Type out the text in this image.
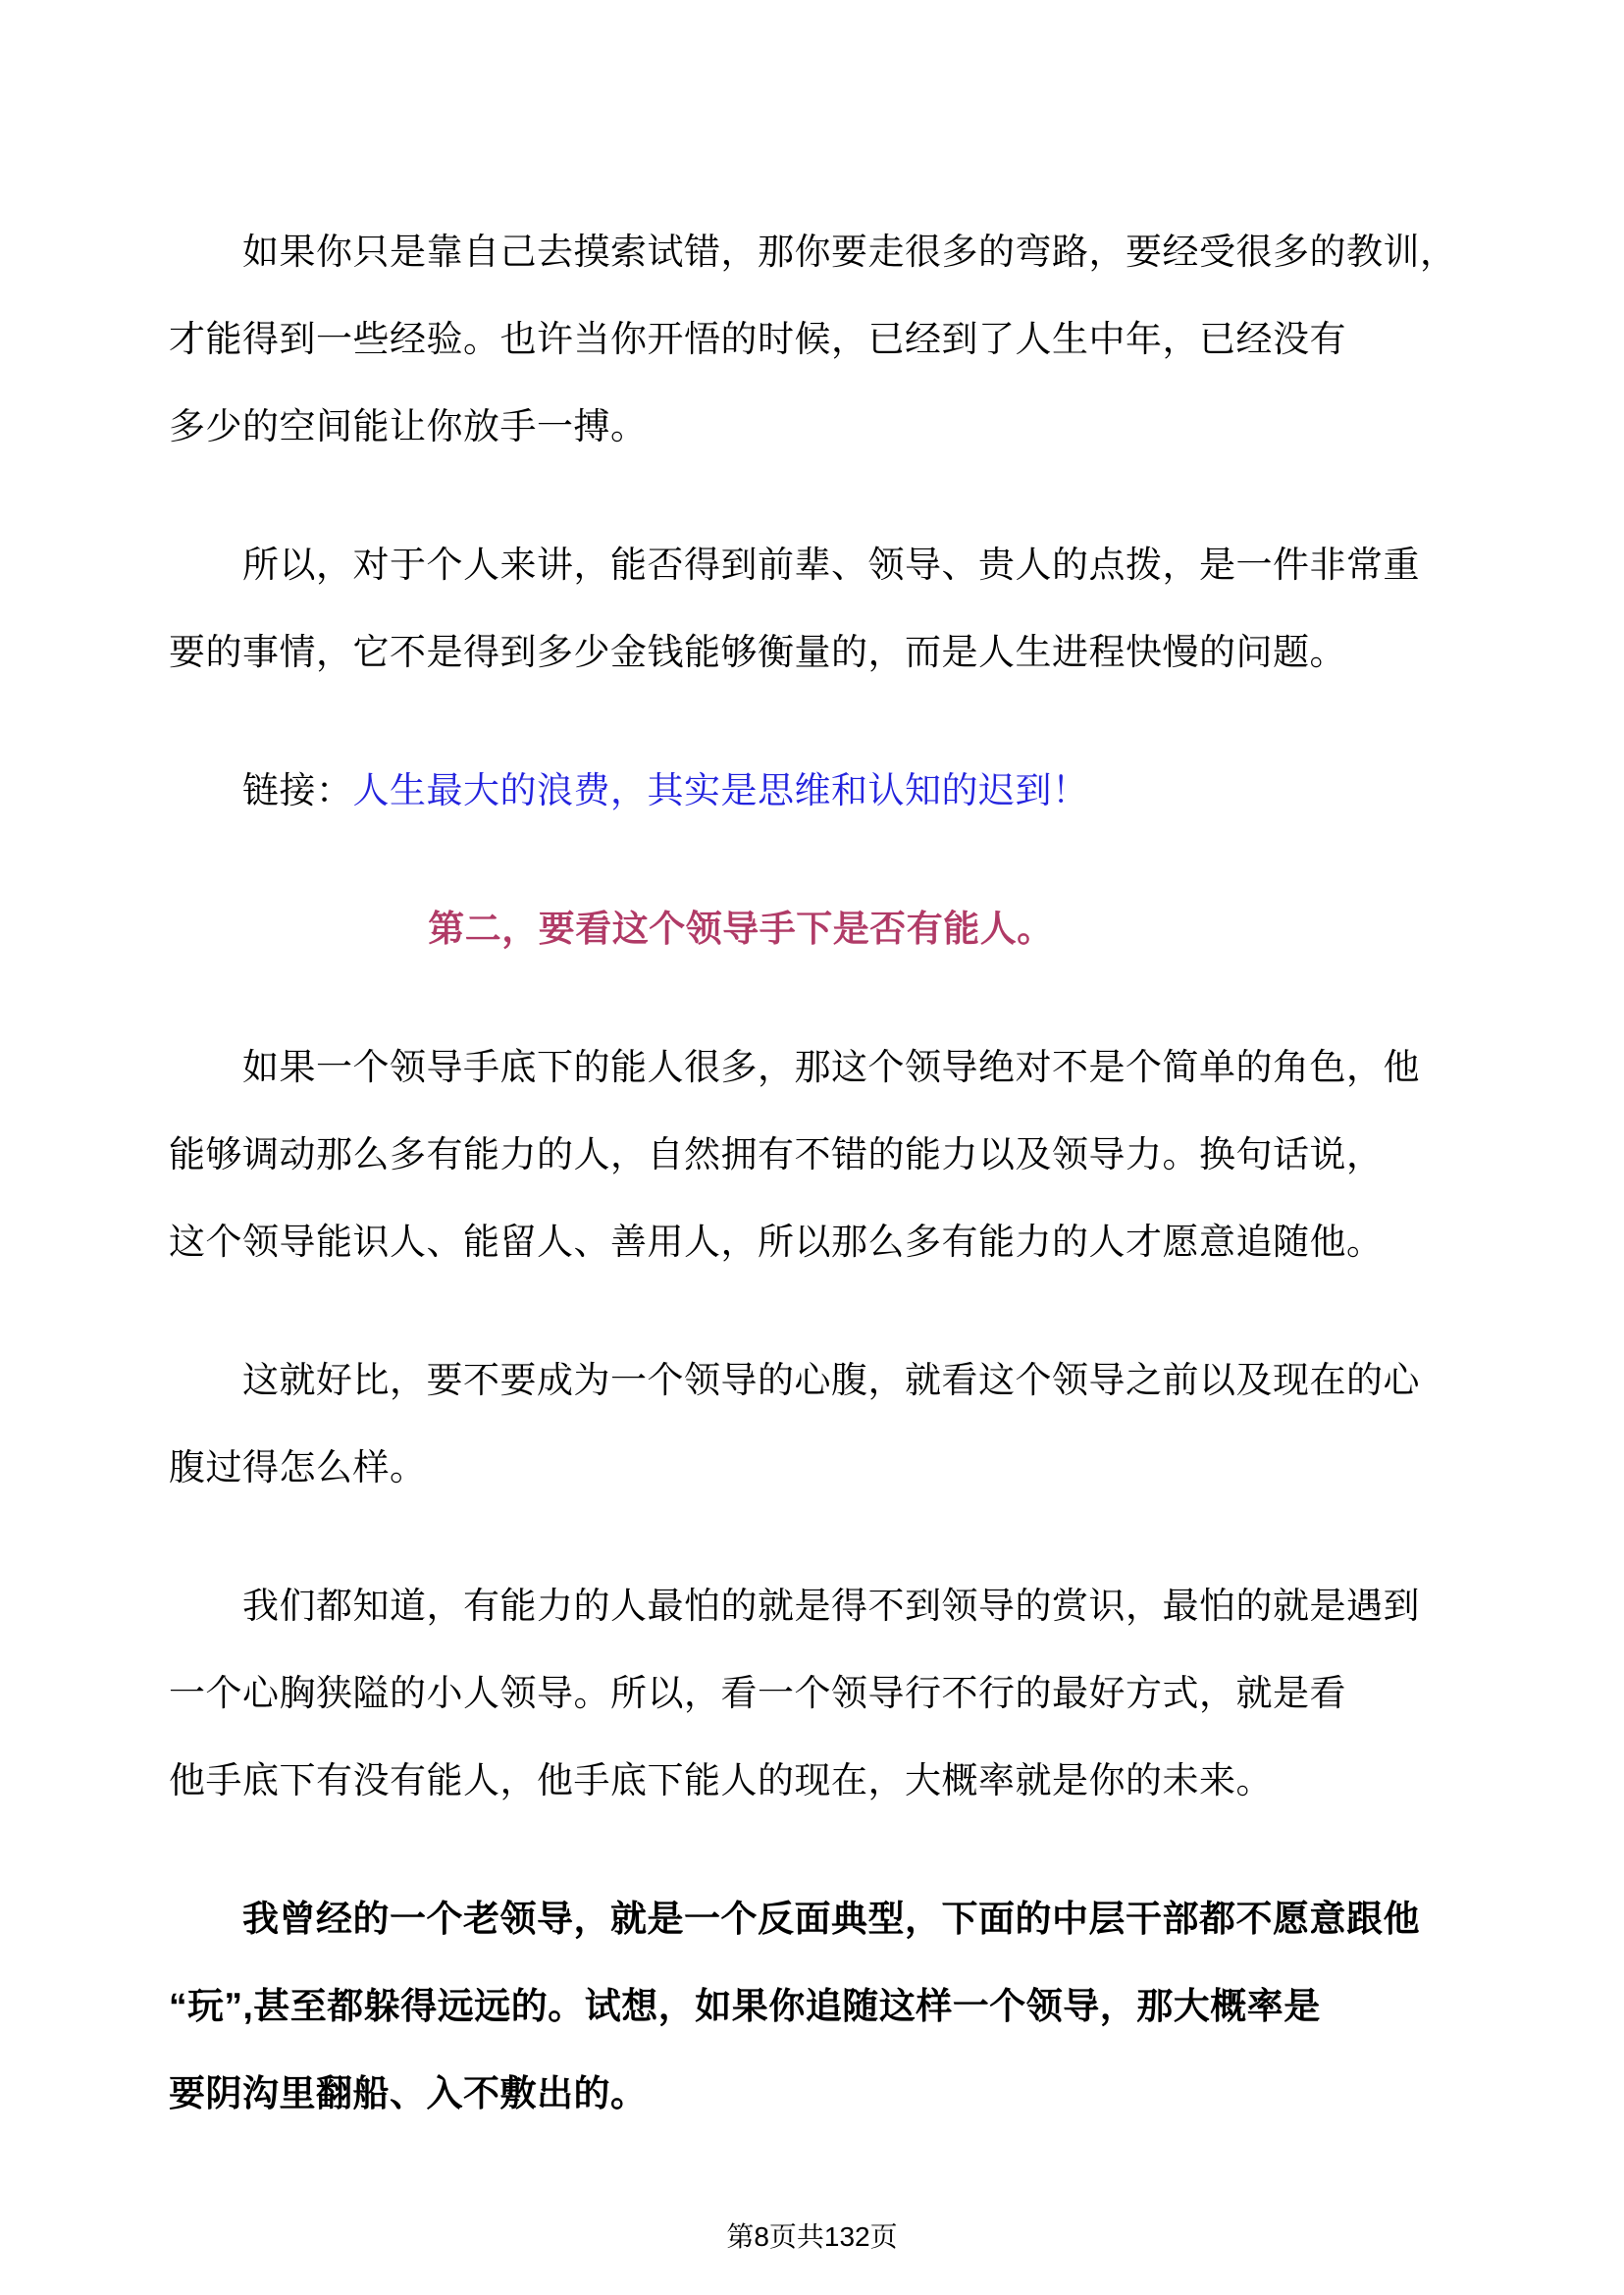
如果你只是靠自己去摸索试错，那你要走很多的弯路，要经受很多的教训，
才能得到一些经验。也许当你开悟的时候，已经到了人生中年，已经没有
多少的空间能让你放手一搏。
所以，对于个人来讲，能否得到前辈、领导、贵人的点拨，是一件非常重
要的事情，它不是得到多少金钱能够衡量的，而是人生进程快慢的问题。
链接：人生最大的浪费，其实是思维和认知的迟到！
第二，要看这个领导手下是否有能人。
如果一个领导手底下的能人很多，那这个领导绝对不是个简单的角色，他
能够调动那么多有能力的人，自然拥有不错的能力以及领导力。换句话说，
这个领导能识人、能留人、善用人，所以那么多有能力的人才愿意追随他。
这就好比，要不要成为一个领导的心腹，就看这个领导之前以及现在的心
腹过得怎么样。
我们都知道，有能力的人最怕的就是得不到领导的赏识，最怕的就是遇到
一个心胸狭隘的小人领导。所以，看一个领导行不行的最好方式，就是看
他手底下有没有能人，他手底下能人的现在，大概率就是你的未来。
我曾经的一个老领导，就是一个反面典型，下面的中层干部都不愿意跟他
“玩”,甚至都躲得远远的。试想，如果你追随这样一个领导，那大概率是
要阴沟里翻船、入不敷出的。
第8页共132页
